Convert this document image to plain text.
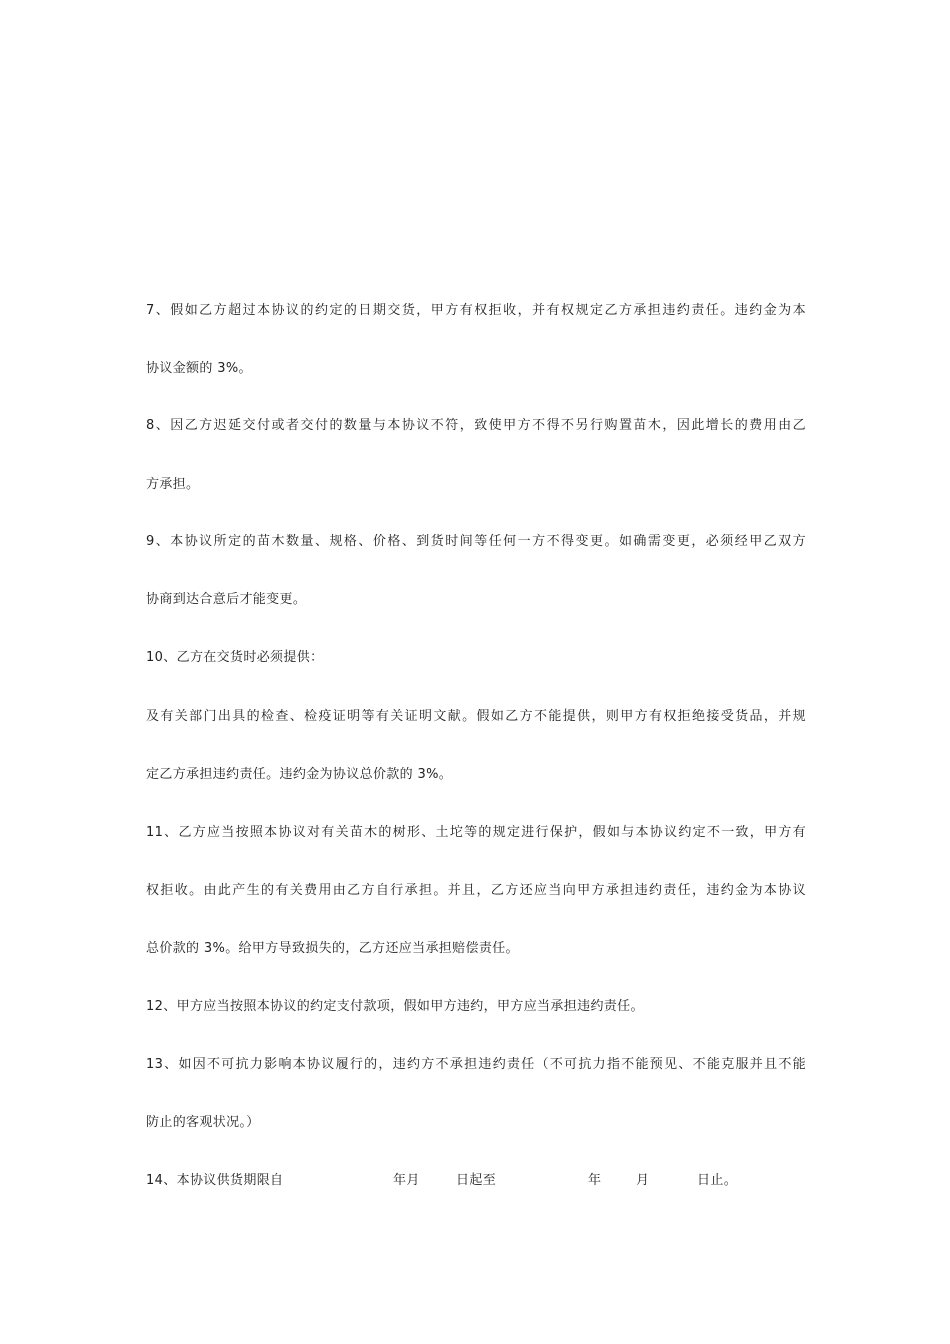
7、假如乙方超过本协议的约定的日期交货，甲方有权拒收，并有权规定乙方承担违约责任。违约金为本
协议金额的 3%。
8、因乙方迟延交付或者交付的数量与本协议不符，致使甲方不得不另行购置苗木，因此增长的费用由乙
方承担。
9、本协议所定的苗木数量、规格、价格、到货时间等任何一方不得变更。如确需变更，必须经甲乙双方
协商到达合意后才能变更。
10、乙方在交货时必须提供：
及有关部门出具的检查、检疫证明等有关证明文献。假如乙方不能提供，则甲方有权拒绝接受货品，并规
定乙方承担违约责任。违约金为协议总价款的 3%。
11、乙方应当按照本协议对有关苗木的树形、土坨等的规定进行保护，假如与本协议约定不一致，甲方有
权拒收。由此产生的有关费用由乙方自行承担。并且，乙方还应当向甲方承担违约责任，违约金为本协议
总价款的 3%。给甲方导致损失的，乙方还应当承担赔偿责任。
12、甲方应当按照本协议的约定支付款项，假如甲方违约，甲方应当承担违约责任。
13、如因不可抗力影响本协议履行的，违约方不承担违约责任（不可抗力指不能预见、不能克服并且不能
防止的客观状况。）
14、本协议供货期限自	年月	日起至	年	月	日止。
